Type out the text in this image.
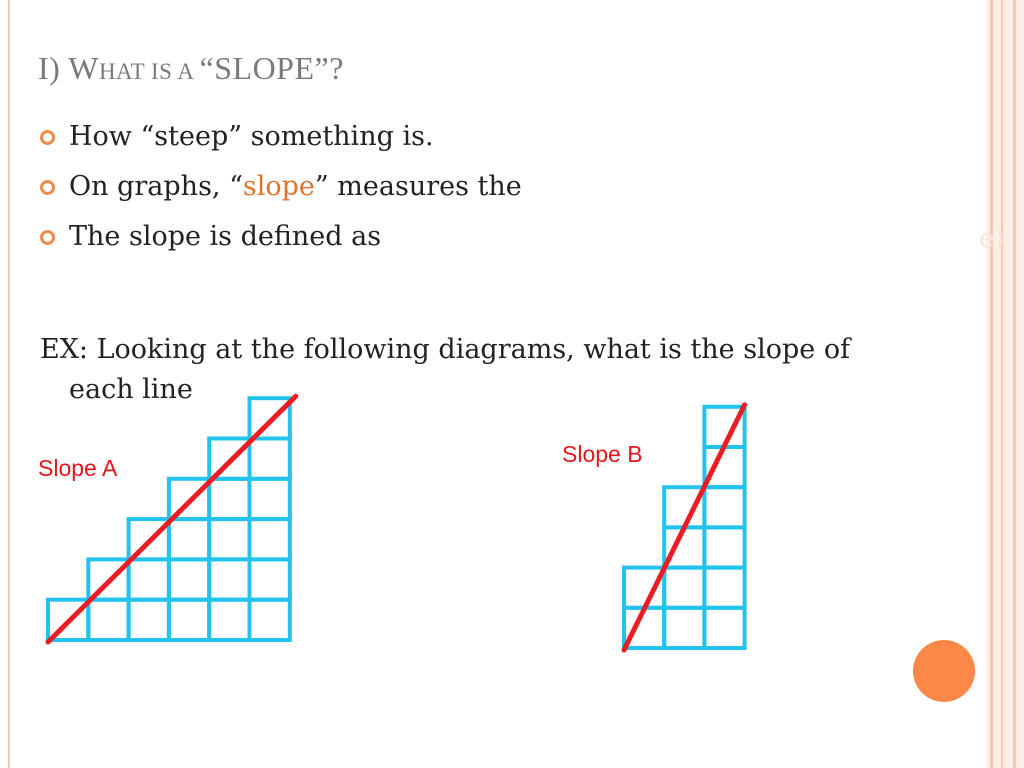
I) WHAT IS A “SLOPE”?
How “steep” something is.
On graphs, “slope” measures the
The slope is defined as	e)
EX: Looking at the following diagrams, what is the slope of
each line
Slope A
Slope B
